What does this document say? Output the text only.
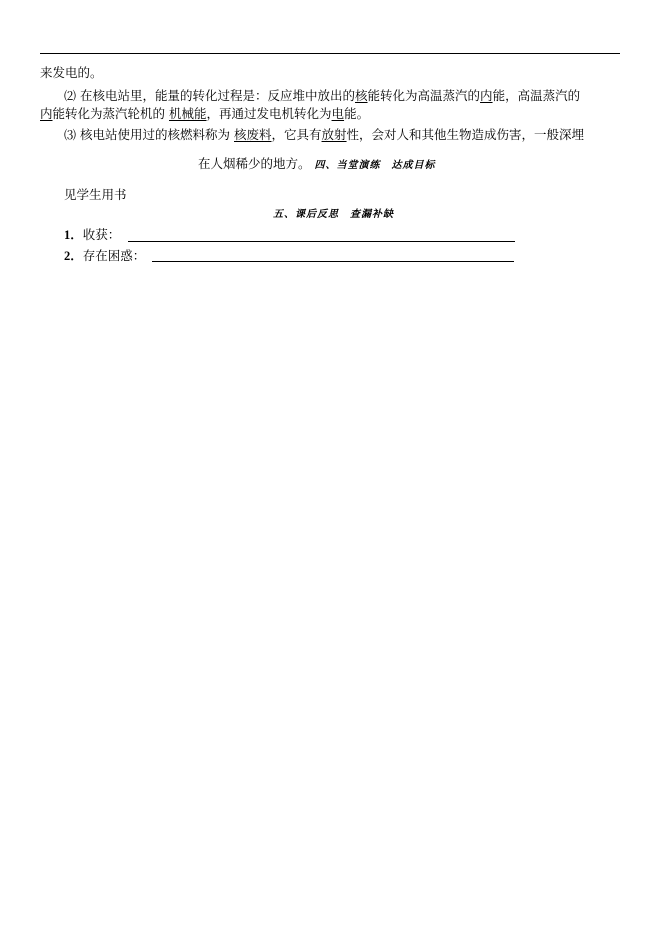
来发电的。
⑵ 在核电站里，能量的转化过程是：反应堆中放出的核能转化为高温蒸汽的内能，高温蒸汽的
内能转化为蒸汽轮机的 机械能，再通过发电机转化为电能。
⑶ 核电站使用过的核燃料称为 核废料，它具有放射性，会对人和其他生物造成伤害，一般深埋
在人烟稀少的地方。 四、当堂演练　达成目标
见学生用书
五、课后反思　查漏补缺
1．收获：
2．存在困惑：
